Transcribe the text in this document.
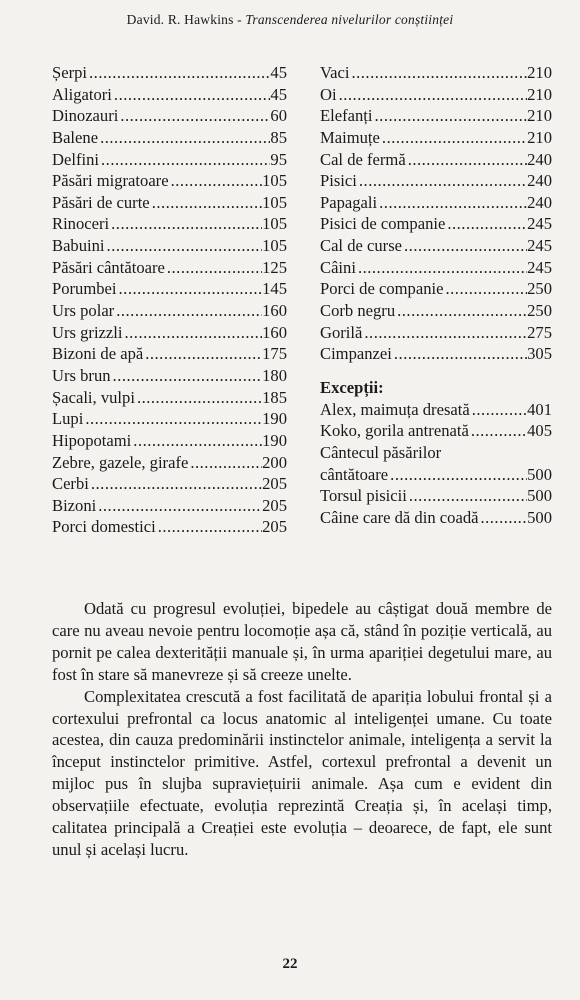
David. R. Hawkins - Transcenderea nivelurilor conștiinței
Șerpi .....	45
Aligatori .....	45
Dinozauri .....	60
Balene .....	85
Delfini .....	95
Păsări migratoare .....	105
Păsări de curte .....	105
Rinoceri .....	105
Babuini .....	105
Păsări cântătoare .....	125
Porumbei .....	145
Urs polar .....	160
Urs grizzli .....	160
Bizoni de apă .....	175
Urs brun .....	180
Șacali, vulpi .....	185
Lupi .....	190
Hipopotami .....	190
Zebre, gazele, girafe .....	200
Cerbi .....	205
Bizoni .....	205
Porci domestici .....	205
Vaci .....	210
Oi .....	210
Elefanți .....	210
Maimuțe .....	210
Cal de fermă .....	240
Pisici .....	240
Papagali .....	240
Pisici de companie .....	245
Cal de curse .....	245
Câini .....	245
Porci de companie .....	250
Corb negru .....	250
Gorilă .....	275
Cimpanzei .....	305
Excepții:
Alex, maimuța dresată .....	401
Koko, gorila antrenată .....	405
Cântecul păsărilor
cântătoare .....	500
Torsul pisicii .....	500
Câine care dă din coadă .....	500

Odată cu progresul evoluției, bipedele au câștigat două membre de care nu aveau nevoie pentru locomoție așa că, stând în poziție verticală, au pornit pe calea dexterității manuale și, în urma apariției degetului mare, au fost în stare să manevreze și să creeze unelte.

Complexitatea crescută a fost facilitată de apariția lobului frontal și a cortexului prefrontal ca locus anatomic al inteligenței umane. Cu toate acestea, din cauza predominării instinctelor animale, inteligența a servit la început instinctelor primitive. Astfel, cortexul prefrontal a devenit un mijloc pus în slujba supraviețuirii animale. Așa cum e evident din observațiile efectuate, evoluția reprezintă Creația și, în același timp, calitatea principală a Creației este evoluția – deoarece, de fapt, ele sunt unul și același lucru.

22
